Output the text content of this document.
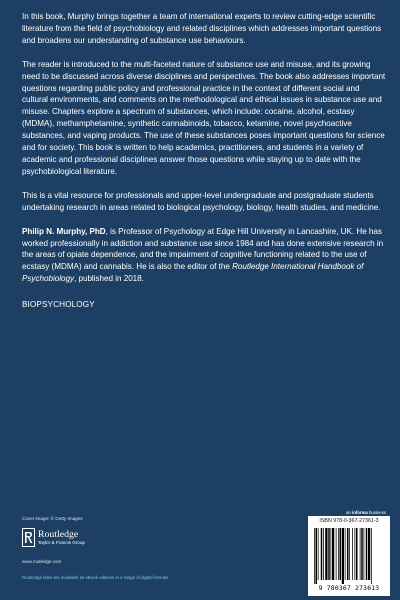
In this book, Murphy brings together a team of international experts to review cutting-edge scientific literature from the field of psychobiology and related disciplines which addresses important questions and broadens our understanding of substance use behaviours.

The reader is introduced to the multi-faceted nature of substance use and misuse, and its growing need to be discussed across diverse disciplines and perspectives. The book also addresses important questions regarding public policy and professional practice in the context of different social and cultural environments, and comments on the methodological and ethical issues in substance use and misuse. Chapters explore a spectrum of substances, which include: cocaine, alcohol, ecstasy (MDMA), methamphetamine, synthetic cannabinoids, tobacco, ketamine, novel psychoactive substances, and vaping products. The use of these substances poses important questions for science and for society. This book is written to help academics, practitioners, and students in a variety of academic and professional disciplines answer those questions while staying up to date with the psychobiological literature.

This is a vital resource for professionals and upper-level undergraduate and postgraduate students undertaking research in areas related to biological psychology, biology, health studies, and medicine.

Philip N. Murphy, PhD, is Professor of Psychology at Edge Hill University in Lancashire, UK. He has worked professionally in addiction and substance use since 1984 and has done extensive research in the areas of opiate dependence, and the impairment of cognitive functioning related to the use of ecstasy (MDMA) and cannabis. He is also the editor of the Routledge International Handbook of Psychobiology, published in 2018.

BIOPSYCHOLOGY

Cover image: © Getty Images
an informa business
Routledge
Taylor & Francis Group
www.routledge.com
Routledge titles are available as eBook editions in a range of digital formats
ISBN 978-0-367-27361-3
9 780367 273613
